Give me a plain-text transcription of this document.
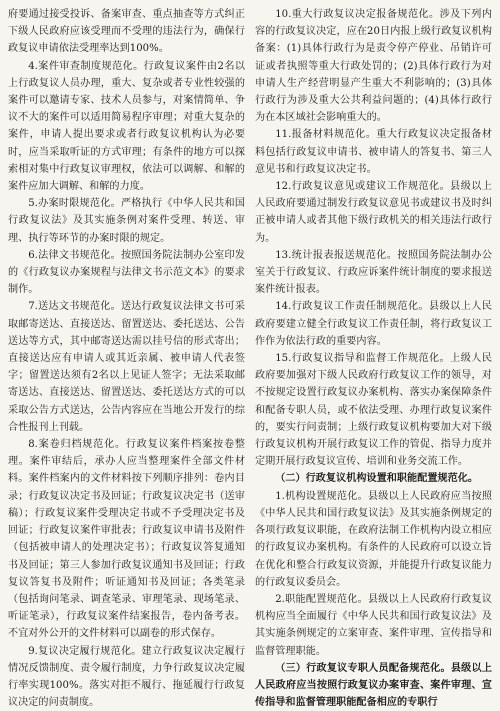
府要通过接受投诉、备案审查、重点抽查等方式纠正下级人民政府应该受理而不受理的违法行为，确保行政复议申请依法受理率达到100%。

4.案件审查制度规范化。行政复议案件由2名以上行政复议人员办理，重大、复杂或者专业性较强的案件可以邀请专家、技术人员参与，对案情简单、争议不大的案件可以适用简易程序审理；对重大复杂的案件，申请人提出要求或者行政复议机构认为必要时，应当采取听证的方式审理；有条件的地方可以探索相对集中行政复议审理权，依法可以调解、和解的案件应加大调解、和解的力度。

5.办案时限规范化。严格执行《中华人民共和国行政复议法》及其实施条例对案件受理、转送、审理、执行等环节的办案时限的规定。

6.法律文书规范化。按照国务院法制办公室印发的《行政复议办案规程与法律文书示范文本》的要求制作。

7.送达文书规范化。送达行政复议法律文书可采取邮寄送达、直接送达、留置送达、委托送达、公告送达等方式，其中邮寄送达需以挂号信的形式寄出；直接送达应有申请人或其近亲属、被申请人代表签字；留置送达须有2名以上见证人签字；无法采取邮寄送达、直接送达、留置送达、委托送达方式的可以采取公告方式送达，公告内容应在当地公开发行的综合性报刊上刊载。

8.案卷归档规范化。行政复议案件档案按卷整理。案件审结后，承办人应当整理案件全部文件材料。案件档案内的文件材料按下列顺序排列：卷内目录；行政复议决定书及回证；行政复议决定书（送审稿）；行政复议案件受理决定书或不予受理决定书及回证；行政复议案件审批表；行政复议申请书及附件（包括被申请人的处理决定书）；行政复议答复通知书及回证；第三人参加行政复议通知书及回证；行政复议答复书及附件；听证通知书及回证；各类笔录（包括询问笔录、调查笔录、审理笔录、现场笔录、听证笔录），行政复议案件结案报告，卷内备考表。不宜对外公开的文件材料可以副卷的形式保存。

9.复议决定履行规范化。建立行政复议决定履行情况反馈制度、责令履行制度，力争行政复议决定履行率实现100%。落实对拒不履行、拖延履行行政复议决定的问责制度。

10.重大行政复议决定报备规范化。涉及下列内容的行政复议决定，应在20日内报上级行政复议机构备案：(1)具体行政行为是责令停产停业、吊销许可证或者执照等重大行政处罚的；(2)具体行政行为对申请人生产经营明显产生重大不利影响的；(3)具体行政行为涉及重大公共利益问题的；(4)具体行政行为在本区域社会影响重大的。

11.报备材料规范化。重大行政复议决定报备材料包括行政复议申请书、被申请人的答复书、第三人意见书和行政复议决定书。

12.行政复议意见或建议工作规范化。县级以上人民政府要通过制发行政复议意见书或建议书及时纠正被申请人或者其他下级行政机关的相关违法行政行为。

13.统计报表报送规范化。按照国务院法制办公室关于行政复议、行政应诉案件统计制度的要求报送案件统计报表。

14.行政复议工作责任制规范化。县级以上人民政府要建立健全行政复议工作责任制，将行政复议工作作为依法行政的重要内容。

15.行政复议指导和监督工作规范化。上级人民政府要加强对下级人民政府行政复议工作的领导，对不按规定设置行政复议办案机构、落实办案保障条件和配备专职人员，或不依法受理、办理行政复议案件的，要实行问责制；上级行政复议机构要加大对下级行政复议机构开展行政复议工作的管促、指导力度并定期开展行政复议宣传、培训和业务交流工作。

（二）行政复议机构设置和职能配置规范化。

1.机构设置规范化。县级以上人民政府应当按照《中华人民共和国行政复议法》及其实施条例规定的各项行政复议职能，在政府法制工作机构内设立相应的行政复议办案机构。有条件的人民政府可以设立旨在优化和整合行政复议资源，并能提升行政复议能力的行政复议委员会。

2.职能配置规范化。县级以上人民政府行政复议机构应当全面履行《中华人民共和国行政复议法》及其实施条例规定的立案审查、案件审理、宣传指导和监督管理职能。

（三）行政复议专职人员配备规范化。县级以上人民政府应当按照行政复议办案审查、案件审理、宣传指导和监督管理职能配备相应的专职行
